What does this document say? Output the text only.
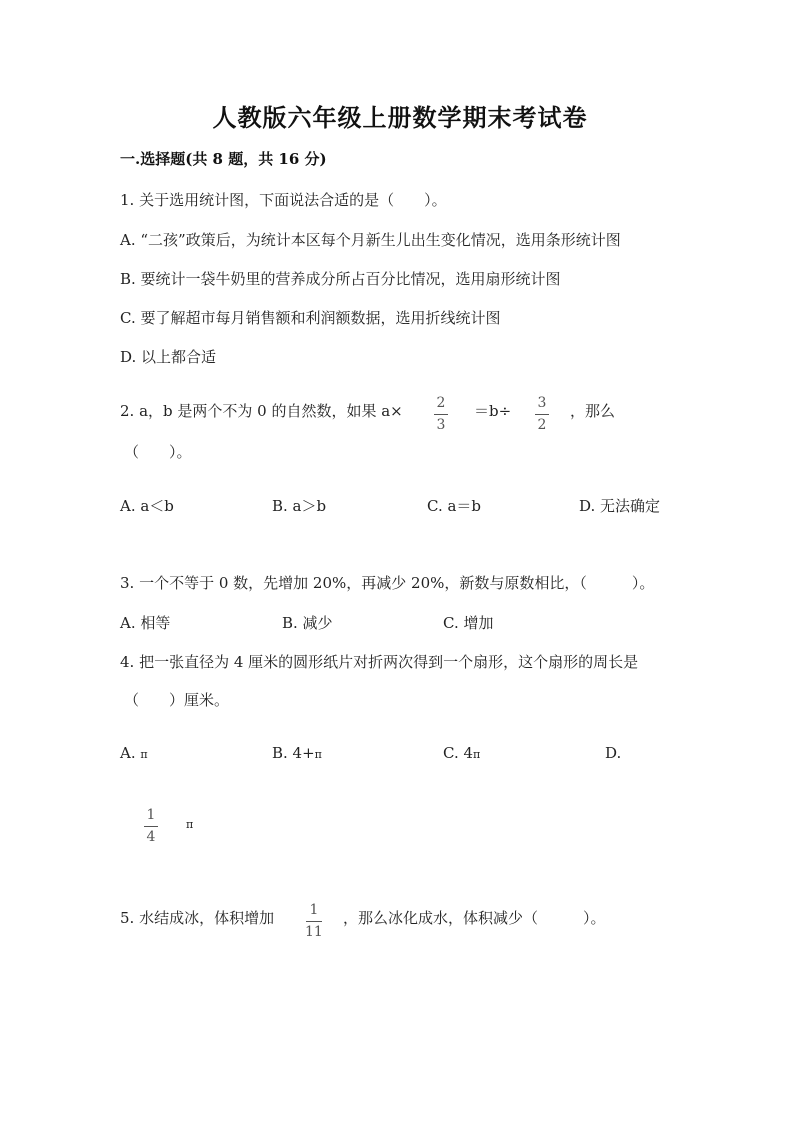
人教版六年级上册数学期末考试卷
一.选择题(共 8 题，共 16 分)
1. 关于选用统计图，下面说法合适的是（　　）。
A. “二孩”政策后，为统计本区每个月新生儿出生变化情况，选用条形统计图
B. 要统计一袋牛奶里的营养成分所占百分比情况，选用扇形统计图
C. 要了解超市每月销售额和利润额数据，选用折线统计图
D. 以上都合适
2. a，b 是两个不为 0 的自然数，如果 a× 2
3
＝b÷ 3
2
，那么
（　　）。
A. a＜b	B. a＞b	C. a＝b	D. 无法确定
3. 一个不等于 0 数，先增加 20%，再减少 20%，新数与原数相比，（　　　）。
A. 相等	B. 减少	C. 增加
4. 把一张直径为 4 厘米的圆形纸片对折两次得到一个扇形，这个扇形的周长是
（　　）厘米。
A. π	B. 4+π	C. 4π	D.
1
4
π
5. 水结成冰，体积增加	1
11
，那么冰化成水，体积减少（　　　）。
